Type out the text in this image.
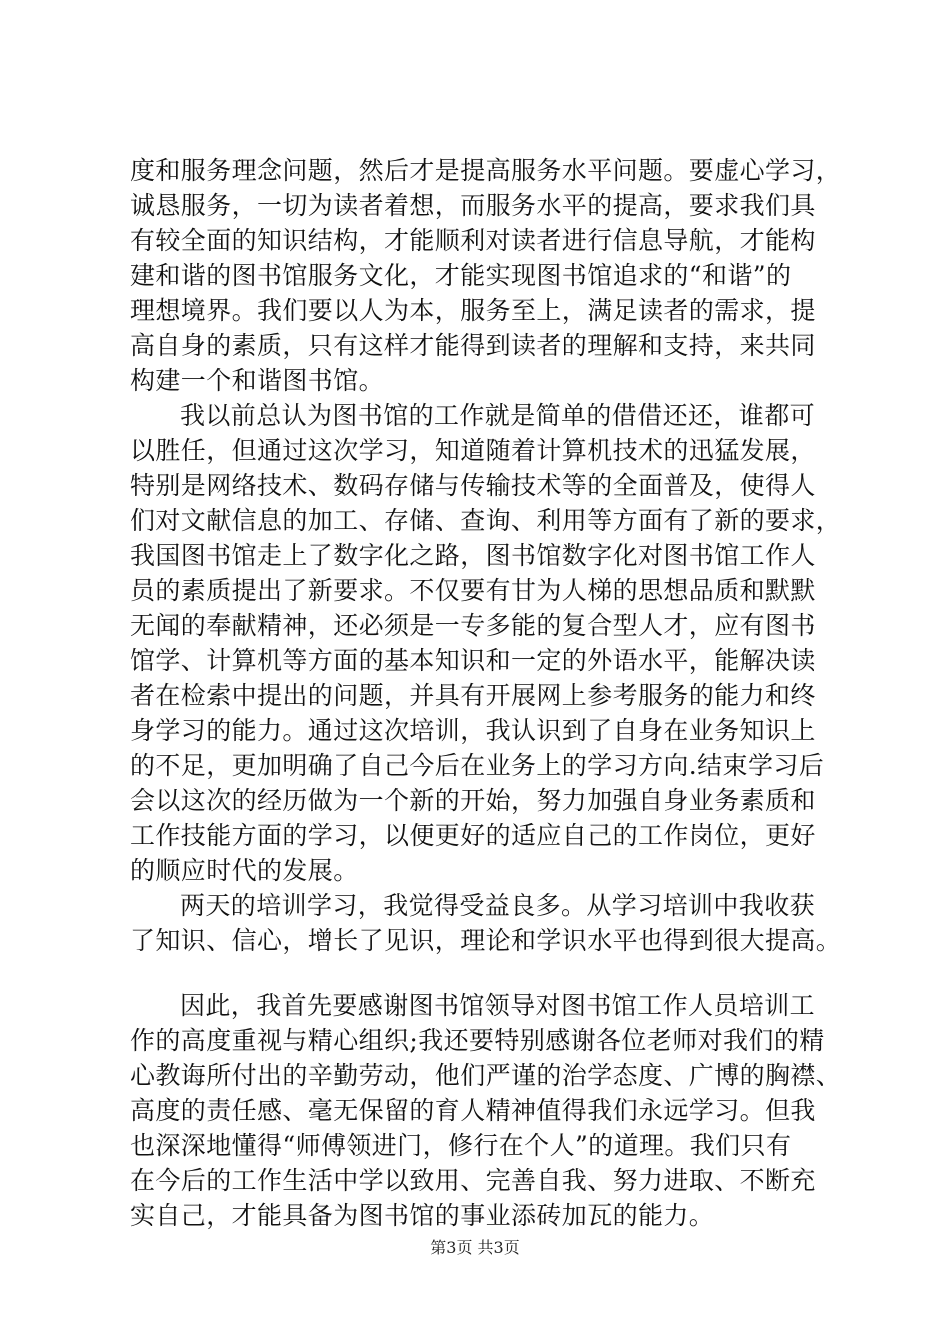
度和服务理念问题，然后才是提高服务水平问题。要虚心学习，
诚恳服务，一切为读者着想，而服务水平的提高，要求我们具
有较全面的知识结构，才能顺利对读者进行信息导航，才能构
建和谐的图书馆服务文化，才能实现图书馆追求的“和谐”的
理想境界。我们要以人为本，服务至上，满足读者的需求，提
高自身的素质，只有这样才能得到读者的理解和支持，来共同
构建一个和谐图书馆。
我以前总认为图书馆的工作就是简单的借借还还，谁都可
以胜任，但通过这次学习，知道随着计算机技术的迅猛发展，
特别是网络技术、数码存储与传输技术等的全面普及，使得人
们对文献信息的加工、存储、查询、利用等方面有了新的要求，
我国图书馆走上了数字化之路，图书馆数字化对图书馆工作人
员的素质提出了新要求。不仅要有甘为人梯的思想品质和默默
无闻的奉献精神，还必须是一专多能的复合型人才，应有图书
馆学、计算机等方面的基本知识和一定的外语水平，能解决读
者在检索中提出的问题，并具有开展网上参考服务的能力和终
身学习的能力。通过这次培训，我认识到了自身在业务知识上
的不足，更加明确了自己今后在业务上的学习方向.结束学习后
会以这次的经历做为一个新的开始，努力加强自身业务素质和
工作技能方面的学习，以便更好的适应自己的工作岗位，更好
的顺应时代的发展。
两天的培训学习，我觉得受益良多。从学习培训中我收获
了知识、信心，增长了见识，理论和学识水平也得到很大提高。
因此，我首先要感谢图书馆领导对图书馆工作人员培训工
作的高度重视与精心组织;我还要特别感谢各位老师对我们的精
心教诲所付出的辛勤劳动，他们严谨的治学态度、广博的胸襟、
高度的责任感、毫无保留的育人精神值得我们永远学习。但我
也深深地懂得“师傅领进门，修行在个人”的道理。我们只有
在今后的工作生活中学以致用、完善自我、努力进取、不断充
实自己，才能具备为图书馆的事业添砖加瓦的能力。
第3页 共3页
